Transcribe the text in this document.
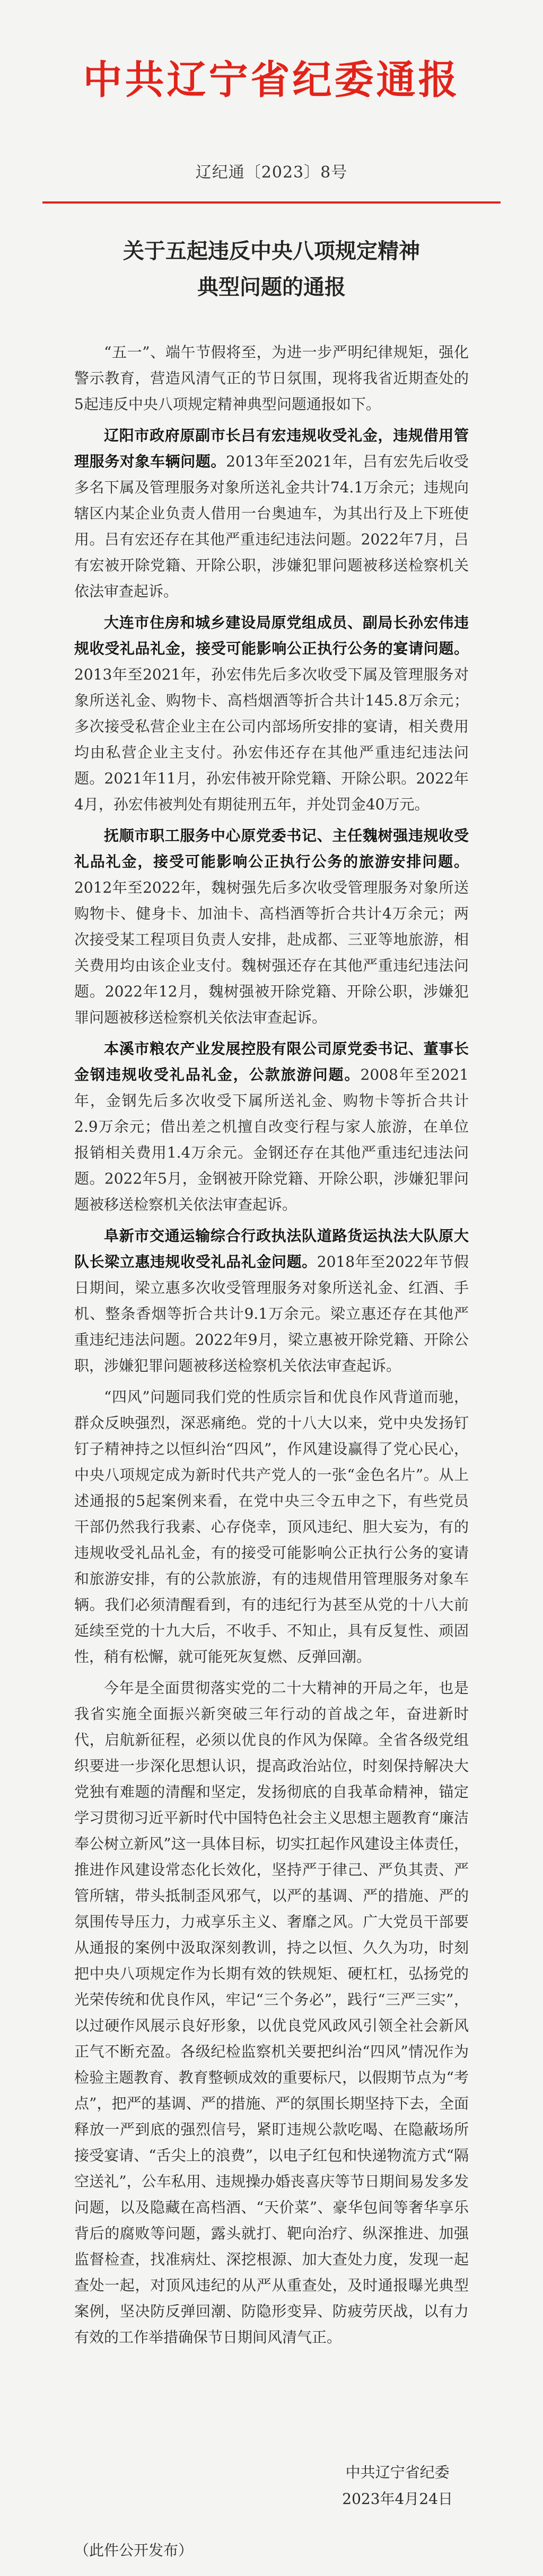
中共辽宁省纪委通报
辽纪通〔2023〕8号
关于五起违反中央八项规定精神
典型问题的通报

“五一”、端午节假将至，为进一步严明纪律规矩，强化警示教育，营造风清气正的节日氛围，现将我省近期查处的5起违反中央八项规定精神典型问题通报如下。

辽阳市政府原副市长吕有宏违规收受礼金，违规借用管理服务对象车辆问题。2013年至2021年，吕有宏先后收受多名下属及管理服务对象所送礼金共计74.1万余元；违规向辖区内某企业负责人借用一台奥迪车，为其出行及上下班使用。吕有宏还存在其他严重违纪违法问题。2022年7月，吕有宏被开除党籍、开除公职，涉嫌犯罪问题被移送检察机关依法审查起诉。

大连市住房和城乡建设局原党组成员、副局长孙宏伟违规收受礼品礼金，接受可能影响公正执行公务的宴请问题。2013年至2021年，孙宏伟先后多次收受下属及管理服务对象所送礼金、购物卡、高档烟酒等折合共计145.8万余元；多次接受私营企业主在公司内部场所安排的宴请，相关费用均由私营企业主支付。孙宏伟还存在其他严重违纪违法问题。2021年11月，孙宏伟被开除党籍、开除公职。2022年4月，孙宏伟被判处有期徒刑五年，并处罚金40万元。

抚顺市职工服务中心原党委书记、主任魏树强违规收受礼品礼金，接受可能影响公正执行公务的旅游安排问题。2012年至2022年，魏树强先后多次收受管理服务对象所送购物卡、健身卡、加油卡、高档酒等折合共计4万余元；两次接受某工程项目负责人安排，赴成都、三亚等地旅游，相关费用均由该企业支付。魏树强还存在其他严重违纪违法问题。2022年12月，魏树强被开除党籍、开除公职，涉嫌犯罪问题被移送检察机关依法审查起诉。

本溪市粮农产业发展控股有限公司原党委书记、董事长金钢违规收受礼品礼金，公款旅游问题。2008年至2021年，金钢先后多次收受下属所送礼金、购物卡等折合共计2.9万余元；借出差之机擅自改变行程与家人旅游，在单位报销相关费用1.4万余元。金钢还存在其他严重违纪违法问题。2022年5月，金钢被开除党籍、开除公职，涉嫌犯罪问题被移送检察机关依法审查起诉。

阜新市交通运输综合行政执法队道路货运执法大队原大队长梁立惠违规收受礼品礼金问题。2018年至2022年节假日期间，梁立惠多次收受管理服务对象所送礼金、红酒、手机、整条香烟等折合共计9.1万余元。梁立惠还存在其他严重违纪违法问题。2022年9月，梁立惠被开除党籍、开除公职，涉嫌犯罪问题被移送检察机关依法审查起诉。

“四风”问题同我们党的性质宗旨和优良作风背道而驰，群众反映强烈，深恶痛绝。党的十八大以来，党中央发扬钉钉子精神持之以恒纠治“四风”，作风建设赢得了党心民心，中央八项规定成为新时代共产党人的一张“金色名片”。从上述通报的5起案例来看，在党中央三令五申之下，有些党员干部仍然我行我素、心存侥幸，顶风违纪、胆大妄为，有的违规收受礼品礼金，有的接受可能影响公正执行公务的宴请和旅游安排，有的公款旅游，有的违规借用管理服务对象车辆。我们必须清醒看到，有的违纪行为甚至从党的十八大前延续至党的十九大后，不收手、不知止，具有反复性、顽固性，稍有松懈，就可能死灰复燃、反弹回潮。

今年是全面贯彻落实党的二十大精神的开局之年，也是我省实施全面振兴新突破三年行动的首战之年，奋进新时代，启航新征程，必须以优良的作风为保障。全省各级党组织要进一步深化思想认识，提高政治站位，时刻保持解决大党独有难题的清醒和坚定，发扬彻底的自我革命精神，锚定学习贯彻习近平新时代中国特色社会主义思想主题教育“廉洁奉公树立新风”这一具体目标，切实扛起作风建设主体责任，推进作风建设常态化长效化，坚持严于律己、严负其责、严管所辖，带头抵制歪风邪气，以严的基调、严的措施、严的氛围传导压力，力戒享乐主义、奢靡之风。广大党员干部要从通报的案例中汲取深刻教训，持之以恒、久久为功，时刻把中央八项规定作为长期有效的铁规矩、硬杠杠，弘扬党的光荣传统和优良作风，牢记“三个务必”，践行“三严三实”，以过硬作风展示良好形象，以优良党风政风引领全社会新风正气不断充盈。各级纪检监察机关要把纠治“四风”情况作为检验主题教育、教育整顿成效的重要标尺，以假期节点为“考点”，把严的基调、严的措施、严的氛围长期坚持下去，全面释放一严到底的强烈信号，紧盯违规公款吃喝、在隐蔽场所接受宴请、“舌尖上的浪费”，以电子红包和快递物流方式“隔空送礼”，公车私用、违规操办婚丧喜庆等节日期间易发多发问题，以及隐藏在高档酒、“天价菜”、豪华包间等奢华享乐背后的腐败等问题，露头就打、靶向治疗、纵深推进、加强监督检查，找准病灶、深挖根源、加大查处力度，发现一起查处一起，对顶风违纪的从严从重查处，及时通报曝光典型案例，坚决防反弹回潮、防隐形变异、防疲劳厌战，以有力有效的工作举措确保节日期间风清气正。

中共辽宁省纪委
2023年4月24日
（此件公开发布）
